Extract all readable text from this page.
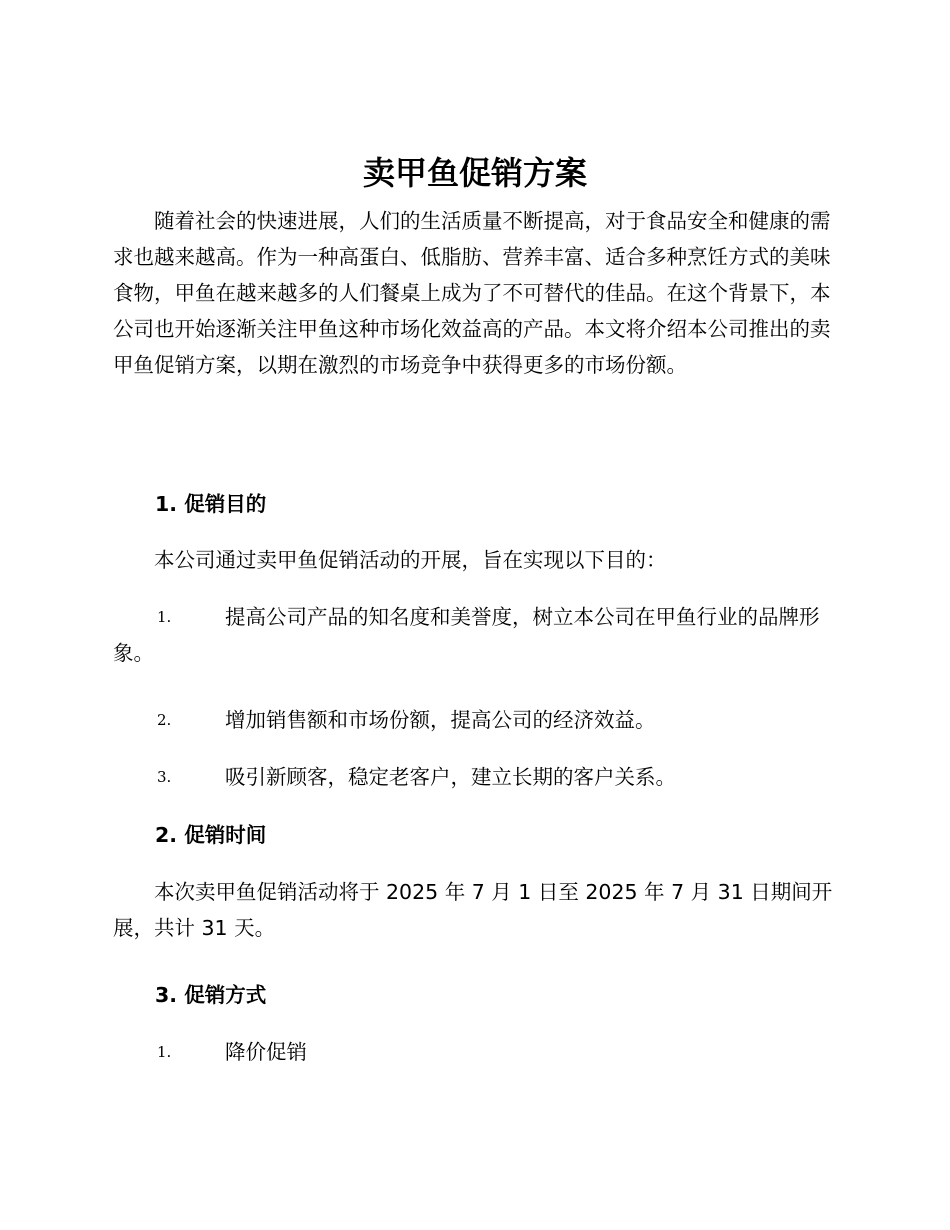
卖甲鱼促销方案

随着社会的快速进展，人们的生活质量不断提高，对于食品安全和健康的需求也越来越高。作为一种高蛋白、低脂肪、营养丰富、适合多种烹饪方式的美味食物，甲鱼在越来越多的人们餐桌上成为了不可替代的佳品。在这个背景下，本公司也开始逐渐关注甲鱼这种市场化效益高的产品。本文将介绍本公司推出的卖甲鱼促销方案，以期在激烈的市场竞争中获得更多的市场份额。

1. 促销目的

本公司通过卖甲鱼促销活动的开展，旨在实现以下目的：

1.	提高公司产品的知名度和美誉度，树立本公司在甲鱼行业的品牌形象。
2.	增加销售额和市场份额，提高公司的经济效益。
3.	吸引新顾客，稳定老客户，建立长期的客户关系。

2. 促销时间

本次卖甲鱼促销活动将于 2025 年 7 月 1 日至 2025 年 7 月 31 日期间开展，共计 31 天。

3. 促销方式

1.	降价促销
